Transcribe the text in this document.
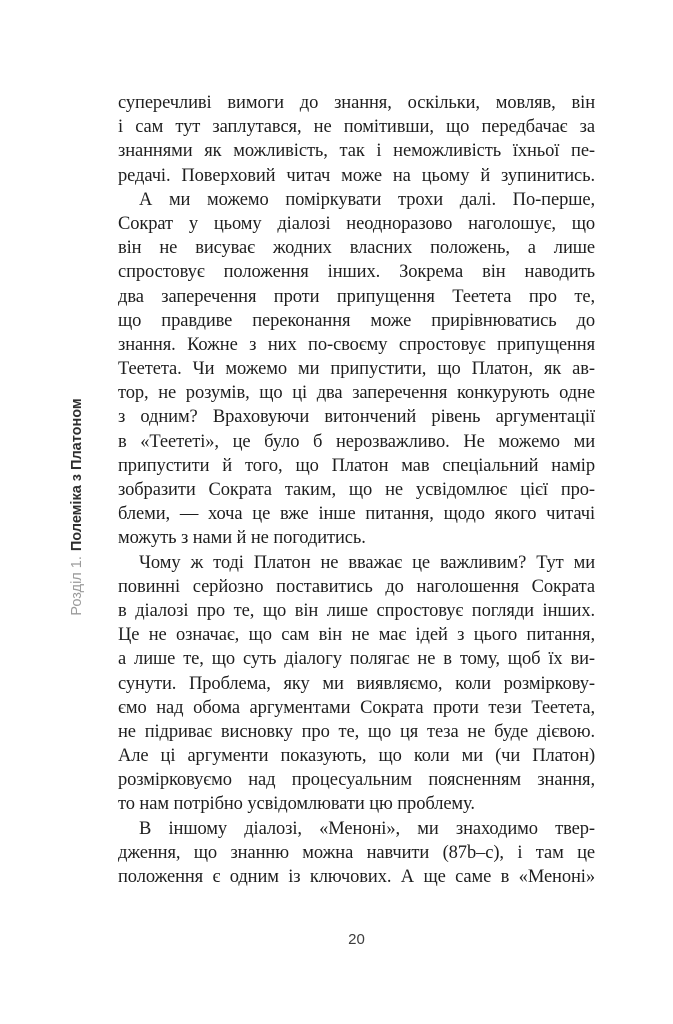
Розділ 1.Полеміка з Платоном
суперечливі вимоги до знання, оскільки, мовляв, він
і сам тут заплутався, не помітивши, що передбачає за
знаннями як можливість, так і неможливість їхньої пе-
редачі. Поверховий читач може на цьому й зупинитись.
А ми можемо поміркувати трохи далі. По-перше,
Сократ у цьому діалозі неодноразово наголошує, що
він не висуває жодних власних положень, а лише
спростовує положення інших. Зокрема він наводить
два заперечення проти припущення Теетета про те,
що правдиве переконання може прирівнюватись до
знання. Кожне з них по-своєму спростовує припущення
Теетета. Чи можемо ми припустити, що Платон, як ав-
тор, не розумів, що ці два заперечення конкурують одне
з одним? Враховуючи витончений рівень аргументації
в «Теететі», це було б нерозважливо. Не можемо ми
припустити й того, що Платон мав спеціальний намір
зобразити Сократа таким, що не усвідомлює цієї про-
блеми, — хоча це вже інше питання, щодо якого читачі
можуть з нами й не погодитись.
Чому ж тоді Платон не вважає це важливим? Тут ми
повинні серйозно поставитись до наголошення Сократа
в діалозі про те, що він лише спростовує погляди інших.
Це не означає, що сам він не має ідей з цього питання,
а лише те, що суть діалогу полягає не в тому, щоб їх ви-
сунути. Проблема, яку ми виявляємо, коли розміркову-
ємо над обома аргументами Сократа проти тези Теетета,
не підриває висновку про те, що ця теза не буде дієвою.
Але ці аргументи показують, що коли ми (чи Платон)
розмірковуємо над процесуальним поясненням знання,
то нам потрібно усвідомлювати цю проблему.
В іншому діалозі, «Меноні», ми знаходимо твер-
дження, що знанню можна навчити (87b–c), і там це
положення є одним із ключових. А ще саме в «Меноні»
20
